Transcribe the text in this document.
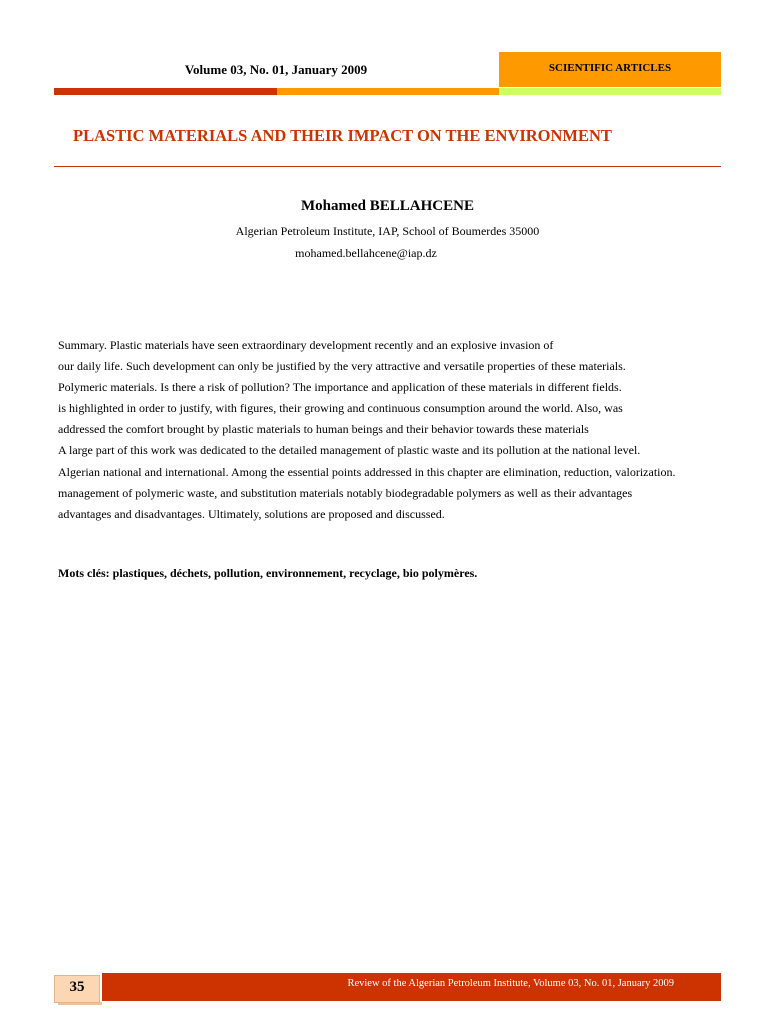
Volume 03, No. 01, January 2009	SCIENTIFIC ARTICLES
PLASTIC MATERIALS AND THEIR IMPACT ON THE ENVIRONMENT
Mohamed BELLAHCENE
Algerian Petroleum Institute, IAP, School of Boumerdes 35000
mohamed.bellahcene@iap.dz
Summary. Plastic materials have seen extraordinary development recently and an explosive invasion of
our daily life. Such development can only be justified by the very attractive and versatile properties of these materials.
Polymeric materials. Is there a risk of pollution? The importance and application of these materials in different fields.
is highlighted in order to justify, with figures, their growing and continuous consumption around the world. Also, was
addressed the comfort brought by plastic materials to human beings and their behavior towards these materials
A large part of this work was dedicated to the detailed management of plastic waste and its pollution at the national level.
Algerian national and international. Among the essential points addressed in this chapter are elimination, reduction, valorization.
management of polymeric waste, and substitution materials notably biodegradable polymers as well as their advantages
advantages and disadvantages. Ultimately, solutions are proposed and discussed.
Mots clés: plastiques, déchets, pollution, environnement, recyclage, bio polymères.
Review of the Algerian Petroleum Institute, Volume 03, No. 01, January 2009
35
